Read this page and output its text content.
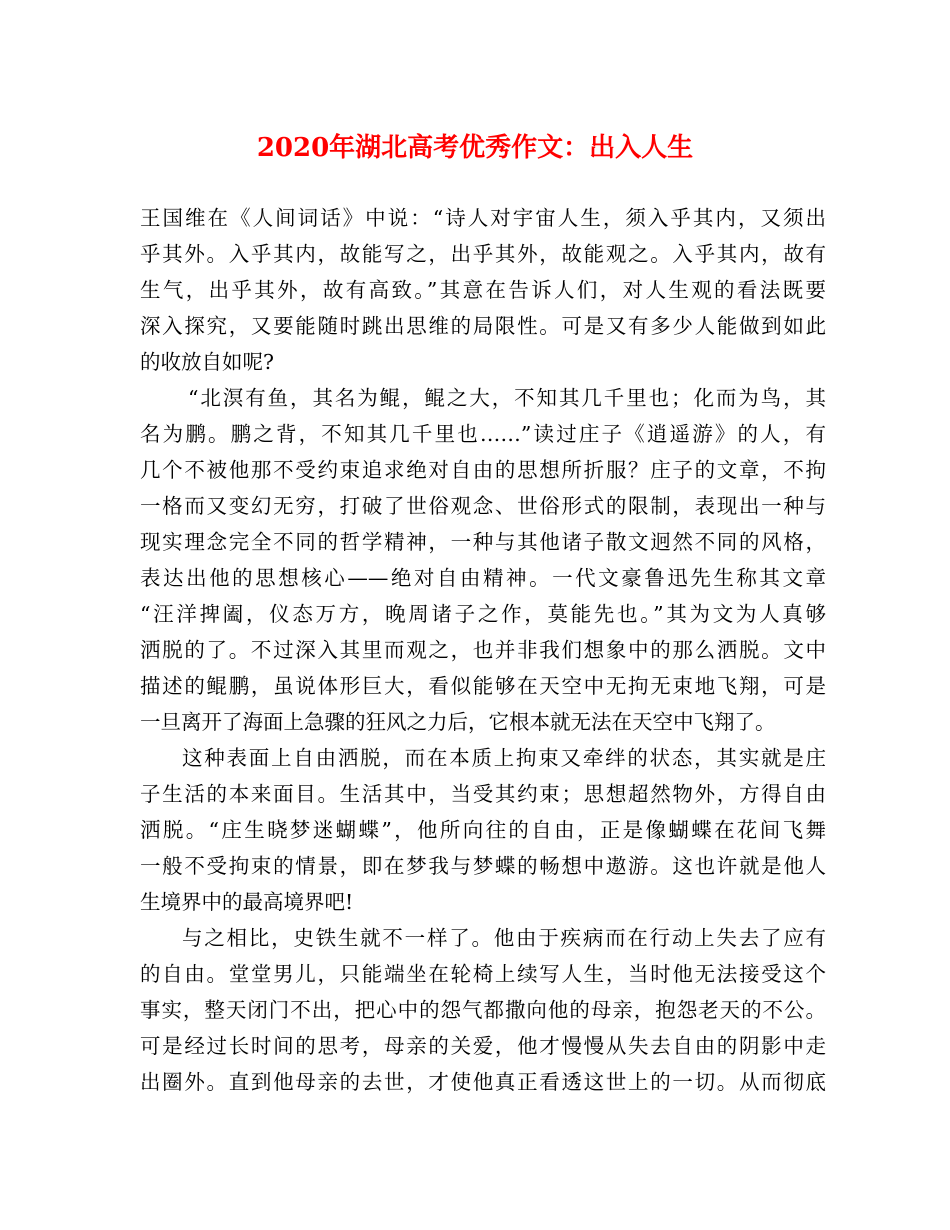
2020年湖北高考优秀作文：出入人生
王国维在《人间词话》中说：“诗人对宇宙人生，须入乎其内，又须出
乎其外。入乎其内，故能写之，出乎其外，故能观之。入乎其内，故有
生气，出乎其外，故有高致。”其意在告诉人们，对人生观的看法既要
深入探究，又要能随时跳出思维的局限性。可是又有多少人能做到如此
的收放自如呢?
“北溟有鱼，其名为鲲，鲲之大，不知其几千里也；化而为鸟，其
名为鹏。鹏之背，不知其几千里也……”读过庄子《逍遥游》的人，有
几个不被他那不受约束追求绝对自由的思想所折服？庄子的文章，不拘
一格而又变幻无穷，打破了世俗观念、世俗形式的限制，表现出一种与
现实理念完全不同的哲学精神，一种与其他诸子散文迥然不同的风格，
表达出他的思想核心——绝对自由精神。一代文豪鲁迅先生称其文章
“汪洋捭阖，仪态万方，晚周诸子之作，莫能先也。”其为文为人真够
洒脱的了。不过深入其里而观之，也并非我们想象中的那么洒脱。文中
描述的鲲鹏，虽说体形巨大，看似能够在天空中无拘无束地飞翔，可是
一旦离开了海面上急骤的狂风之力后，它根本就无法在天空中飞翔了。
这种表面上自由洒脱，而在本质上拘束又牵绊的状态，其实就是庄
子生活的本来面目。生活其中，当受其约束；思想超然物外，方得自由
洒脱。“庄生晓梦迷蝴蝶”，他所向往的自由，正是像蝴蝶在花间飞舞
一般不受拘束的情景，即在梦我与梦蝶的畅想中遨游。这也许就是他人
生境界中的最高境界吧!
与之相比，史铁生就不一样了。他由于疾病而在行动上失去了应有
的自由。堂堂男儿，只能端坐在轮椅上续写人生，当时他无法接受这个
事实，整天闭门不出，把心中的怨气都撒向他的母亲，抱怨老天的不公。
可是经过长时间的思考，母亲的关爱，他才慢慢从失去自由的阴影中走
出圈外。直到他母亲的去世，才使他真正看透这世上的一切。从而彻底
